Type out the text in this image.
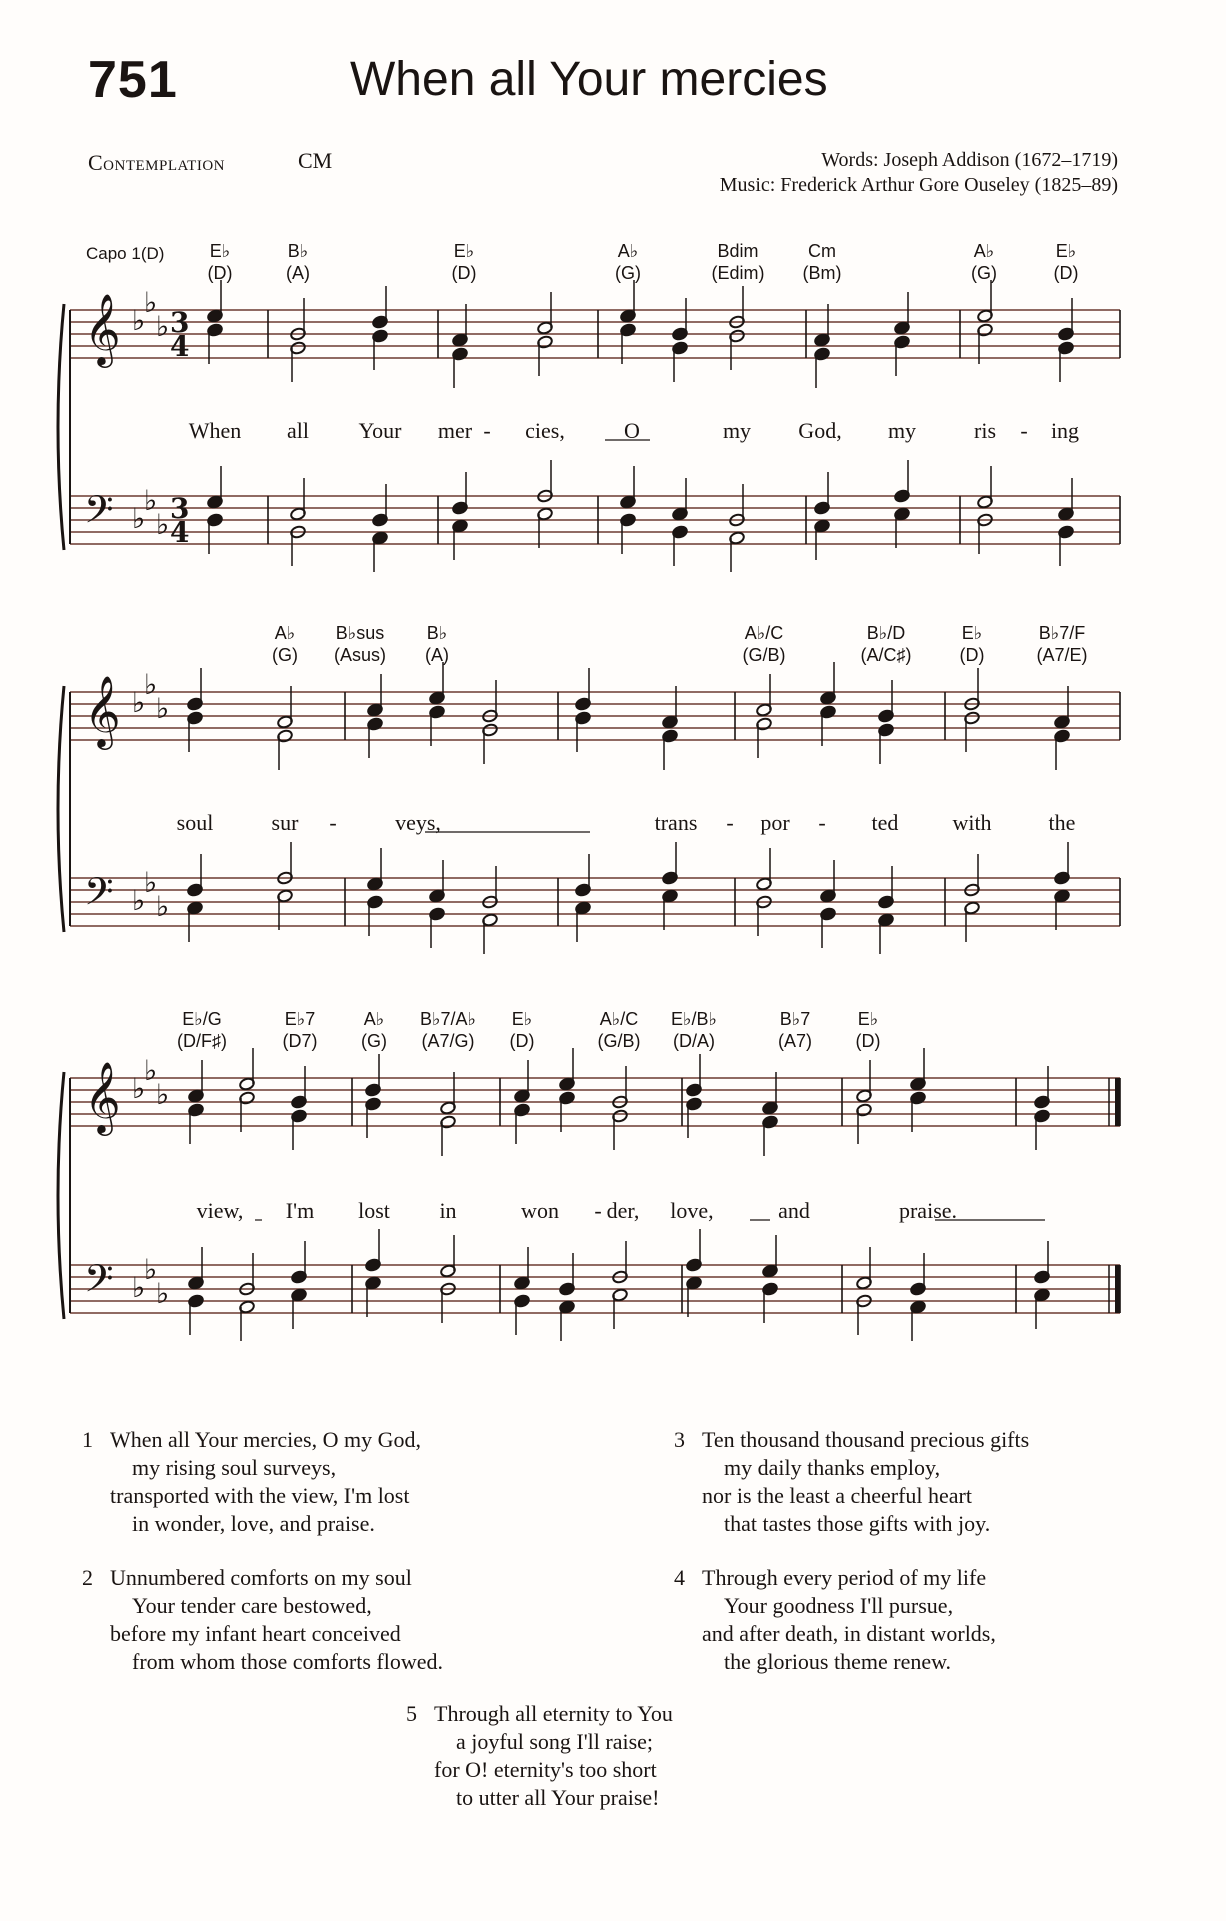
751	When all Your mercies
Contemplation	CM	Words: Joseph Addison (1672–1719)
Music: Frederick Arthur Gore Ouseley (1825–89)
Capo 1(D)
𝄞 ♭
♭
♭ 3
4
𝄢 ♭
♭
♭ 3
4
𝄞 ♭
♭
♭
𝄢 ♭
♭
♭
𝄞 ♭
♭
♭
𝄢 ♭
♭
♭
E♭
(D)
B♭
(A)
E♭
(D)
A♭
(G)
Bdim
(Edim)
Cm
(Bm)
A♭
(G)
E♭
(D)
A♭
(G)
B♭sus
(Asus)
B♭
(A)
A♭/C
(G/B)
B♭/D
(A/C♯)
E♭
(D)
B♭7/F
(A7/E)
E♭/G
(D/F♯)
E♭7
(D7)
A♭
(G)
B♭7/A♭
(A7/G)
E♭
(D)
A♭/C
(G/B)
E♭/B♭
(D/A)
B♭7
(A7)
E♭
(D)
When all Your mer - cies,	O	my God, my	ris - ing
soul	sur -	veys,	trans - por - ted with	the
view, I'm lost in	won - der, love,	and	praise.
1 When all Your mercies, O my God,
my rising soul surveys,
transported with the view, I'm lost
in wonder, love, and praise.
2 Unnumbered comforts on my soul
Your tender care bestowed,
before my infant heart conceived
from whom those comforts flowed.
3 Ten thousand thousand precious gifts
my daily thanks employ,
nor is the least a cheerful heart
that tastes those gifts with joy.
4 Through every period of my life
Your goodness I'll pursue,
and after death, in distant worlds,
the glorious theme renew.
5 Through all eternity to You
a joyful song I'll raise;
for O! eternity's too short
to utter all Your praise!
